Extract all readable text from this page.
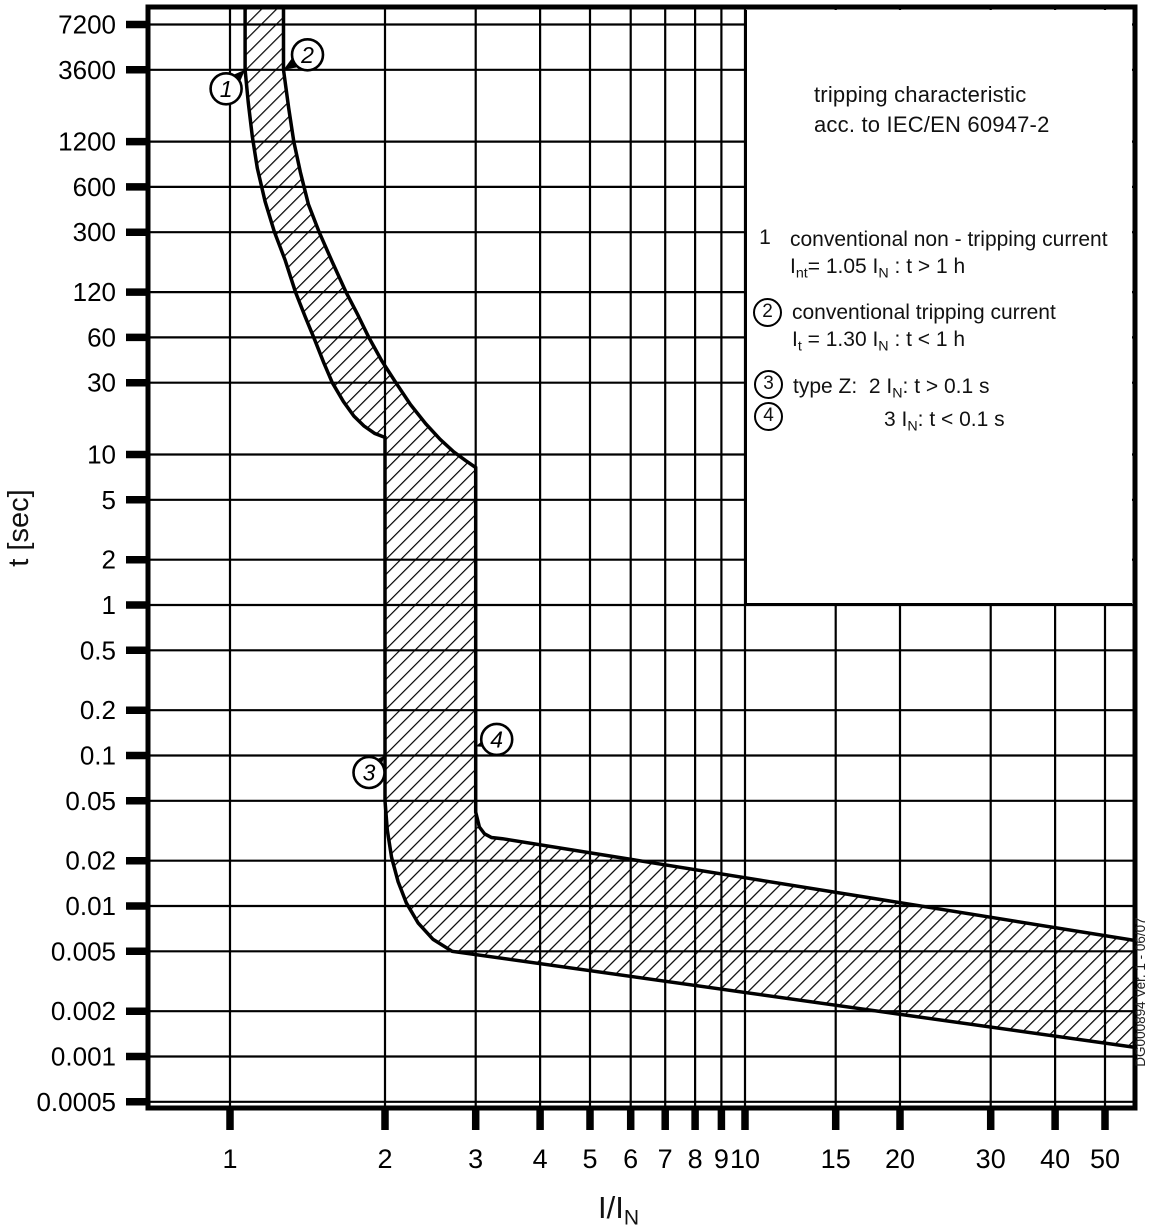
1	2	3 4 5 6 7 8 9 10 15 20 30 40 50
7200
3600
1200
600
300
120
60
30
10
5
2
1
0.5
0.2
0.1
0.05
0.02
0.01
0.005
0.002
0.001
0.0005
1
2
3
4
tripping characteristic
acc. to IEC/EN 60947-2
1 conventional non - tripping current
$I_{nt}= 1.05$ $I_N$ : t > 1 h
2 conventional tripping current
$I_t = 1.30$ $I_N$ : t < 1 h
3 type Z:  2 $I_N$: t > 0.1 s
4	3 $I_N$: t < 0.1 s
t [sec]
$I/I_N$
DG000894 Ver. 1 - 06/07
